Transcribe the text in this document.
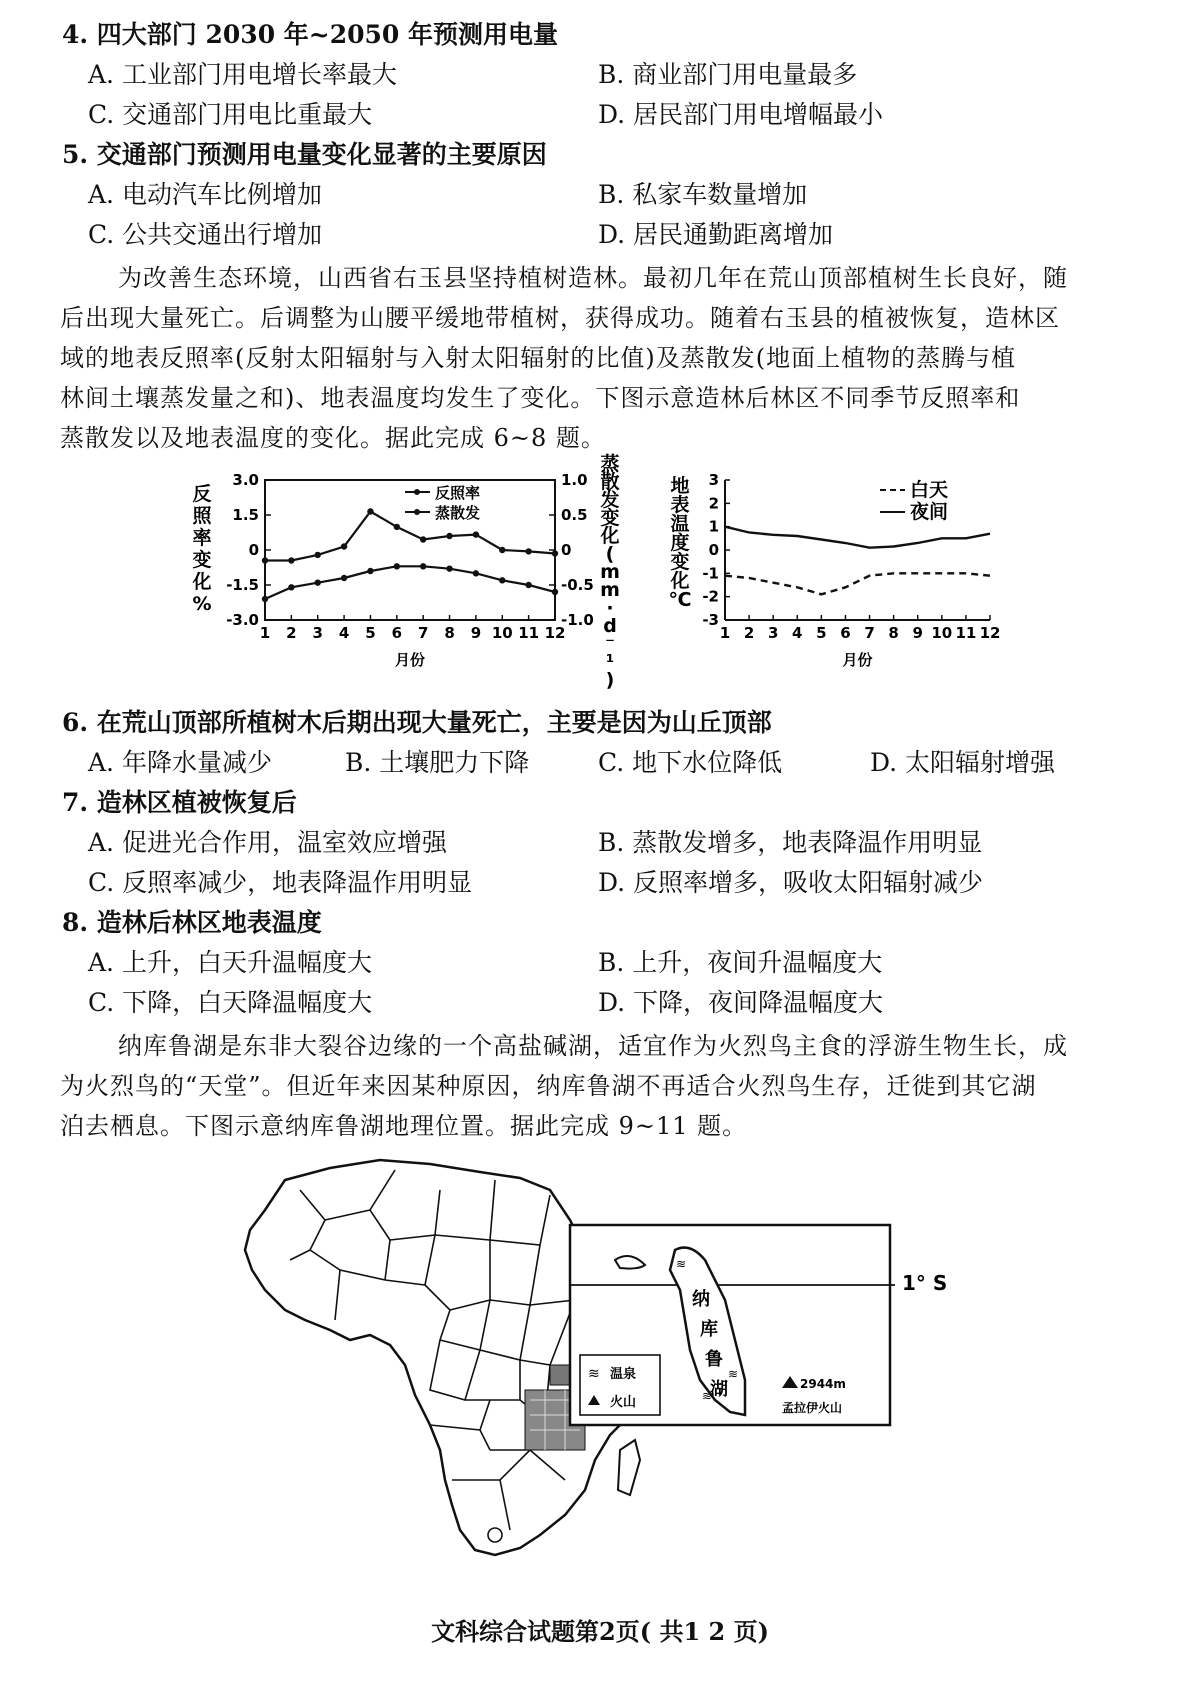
4. 四大部门 2030 年~2050 年预测用电量
A. 工业部门用电增长率最大	B. 商业部门用电量最多
C. 交通部门用电比重最大	D. 居民部门用电增幅最小
5. 交通部门预测用电量变化显著的主要原因
A. 电动汽车比例增加	B. 私家车数量增加
C. 公共交通出行增加	D. 居民通勤距离增加

为改善生态环境，山西省右玉县坚持植树造林。最初几年在荒山顶部植树生长良好，随

后出现大量死亡。后调整为山腰平缓地带植树，获得成功。随着右玉县的植被恢复，造林区

域的地表反照率(反射太阳辐射与入射太阳辐射的比值)及蒸散发(地面上植物的蒸腾与植

林间土壤蒸发量之和)、地表温度均发生了变化。下图示意造林后林区不同季节反照率和

蒸散发以及地表温度的变化。据此完成 6~8 题。

3.0
1.5
0
-1.5
-3.0
1.0
0.5
0
-0.5
-1.0
1 2 3 4 5 6 7 8 9 10 11 12
月份
反
照
率
变
化
%
蒸
散
发
变
化
(
m
m
·
d
⁻
¹
)
反照率
蒸散发
3
2
1
0
-1
-2
-3
1 2 3 4 5 6 7 8 9 10 11 12
月份
地
表
温
度
变
化
℃
白天
夜间
6. 在荒山顶部所植树木后期出现大量死亡，主要是因为山丘顶部
A. 年降水量减少	B. 土壤肥力下降	C. 地下水位降低	D. 太阳辐射增强
7. 造林区植被恢复后
A. 促进光合作用，温室效应增强	B. 蒸散发增多，地表降温作用明显
C. 反照率减少，地表降温作用明显	D. 反照率增多，吸收太阳辐射减少
8. 造林后林区地表温度
A. 上升，白天升温幅度大	B. 上升，夜间升温幅度大
C. 下降，白天降温幅度大	D. 下降，夜间降温幅度大

纳库鲁湖是东非大裂谷边缘的一个高盐碱湖，适宜作为火烈鸟主食的浮游生物生长，成

为火烈鸟的“天堂”。但近年来因某种原因，纳库鲁湖不再适合火烈鸟生存，迁徙到其它湖

泊去栖息。下图示意纳库鲁湖地理位置。据此完成 9~11 题。

1° S
纳
库
鲁
湖
≋
≋
≋
≋ 温泉
火山
2944m
孟拉伊火山
文科综合试题第2页( 共1 2 页)
